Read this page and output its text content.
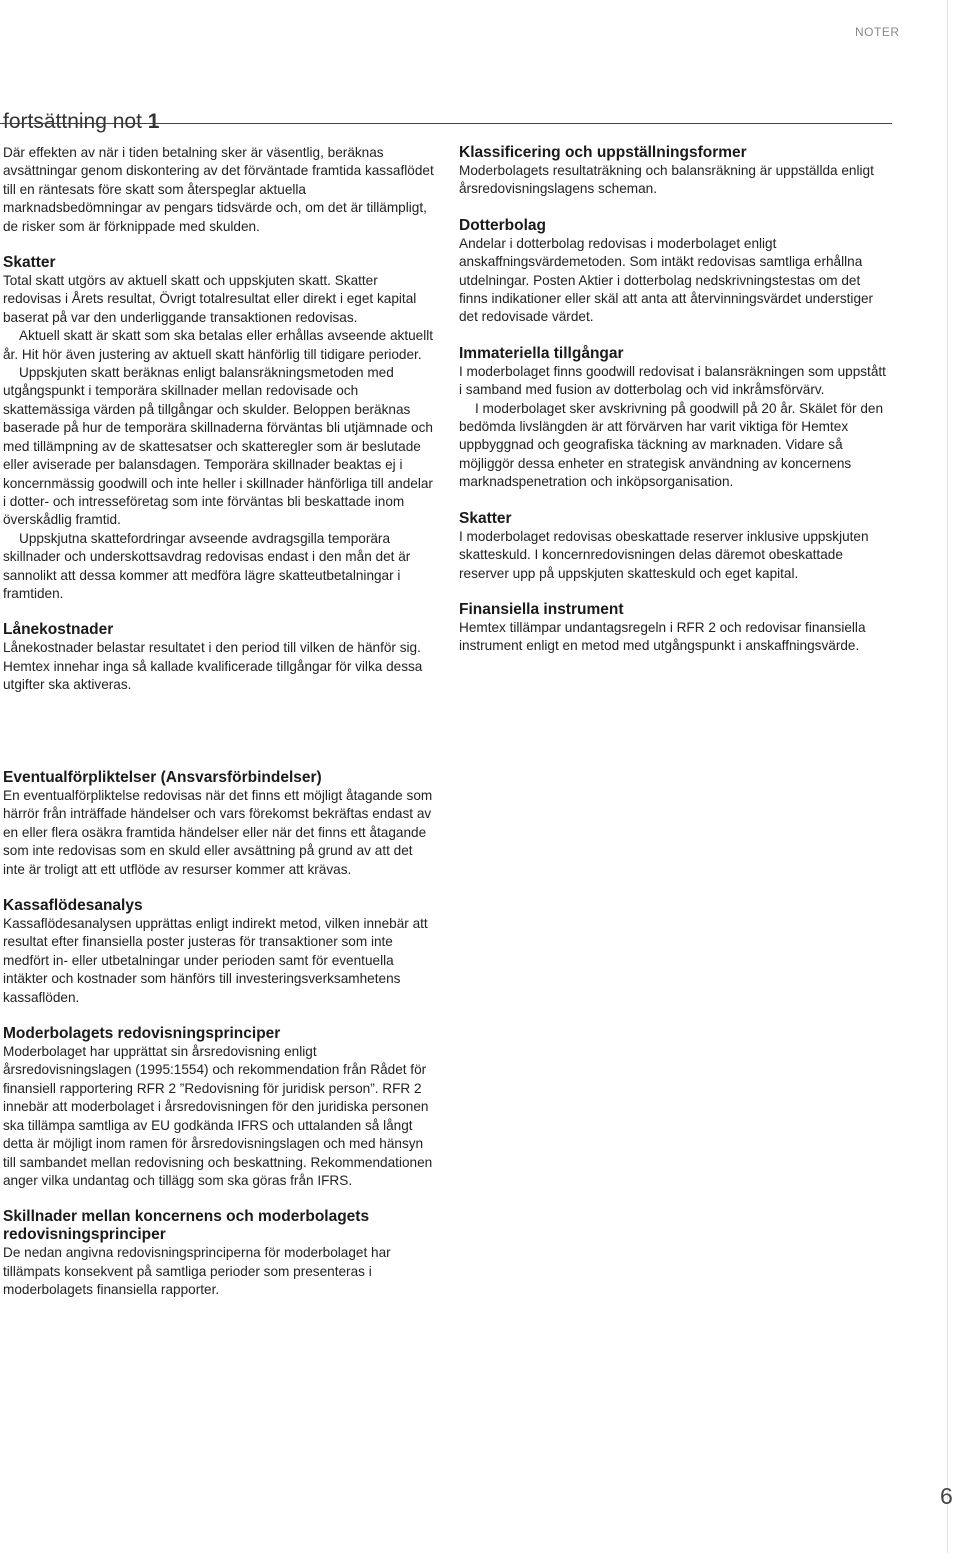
NOTER
fortsättning not 1

Där effekten av när i tiden betalning sker är väsentlig, beräknas avsättningar genom diskontering av det förväntade framtida kassaflödet till en räntesats före skatt som återspeglar aktuella marknadsbedömningar av pengars tidsvärde och, om det är tillämpligt, de risker som är förknippade med skulden.

Skatter

Total skatt utgörs av aktuell skatt och uppskjuten skatt. Skatter redovisas i Årets resultat, Övrigt totalresultat eller direkt i eget kapital baserat på var den underliggande transaktionen redovisas.

Aktuell skatt är skatt som ska betalas eller erhållas avseende aktuellt år. Hit hör även justering av aktuell skatt hänförlig till tidigare perioder.

Uppskjuten skatt beräknas enligt balansräkningsmetoden med utgångspunkt i temporära skillnader mellan redovisade och skattemässiga värden på tillgångar och skulder. Beloppen beräknas baserade på hur de temporära skillnaderna förväntas bli utjämnade och med tillämpning av de skattesatser och skatteregler som är beslutade eller aviserade per balansdagen. Temporära skillnader beaktas ej i koncernmässig goodwill och inte heller i skillnader hänförliga till andelar i dotter- och intresseföretag som inte förväntas bli beskattade inom överskådlig framtid.

Uppskjutna skattefordringar avseende avdragsgilla temporära skillnader och underskottsavdrag redovisas endast i den mån det är sannolikt att dessa kommer att medföra lägre skatteutbetalningar i framtiden.

Lånekostnader

Lånekostnader belastar resultatet i den period till vilken de hänför sig. Hemtex innehar inga så kallade kvalificerade tillgångar för vilka dessa utgifter ska aktiveras.

Eventualförpliktelser (Ansvarsförbindelser)

En eventualförpliktelse redovisas när det finns ett möjligt åtagande som härrör från inträffade händelser och vars förekomst bekräftas endast av en eller flera osäkra framtida händelser eller när det finns ett åtagande som inte redovisas som en skuld eller avsättning på grund av att det inte är troligt att ett utflöde av resurser kommer att krävas.

Kassaflödesanalys

Kassaflödesanalysen upprättas enligt indirekt metod, vilken innebär att resultat efter finansiella poster justeras för transaktioner som inte medfört in- eller utbetalningar under perioden samt för eventuella intäkter och kostnader som hänförs till investeringsverksamhetens kassaflöden.

Moderbolagets redovisningsprinciper

Moderbolaget har upprättat sin årsredovisning enligt årsredovisningslagen (1995:1554) och rekommendation från Rådet för finansiell rapportering RFR 2 ”Redovisning för juridisk person”. RFR 2 innebär att moderbolaget i årsredovisningen för den juridiska personen ska tillämpa samtliga av EU godkända IFRS och uttalanden så långt detta är möjligt inom ramen för årsredovisningslagen och med hänsyn till sambandet mellan redovisning och beskattning. Rekommendationen anger vilka undantag och tillägg som ska göras från IFRS.

Skillnader mellan koncernens och moderbolagets redovisningsprinciper

De nedan angivna redovisningsprinciperna för moderbolaget har tillämpats konsekvent på samtliga perioder som presenteras i moderbolagets finansiella rapporter.

Klassificering och uppställningsformer

Moderbolagets resultaträkning och balansräkning är uppställda enligt årsredovisningslagens scheman.

Dotterbolag

Andelar i dotterbolag redovisas i moderbolaget enligt anskaffningsvärdemetoden. Som intäkt redovisas samtliga erhållna utdelningar. Posten Aktier i dotterbolag nedskrivningstestas om det finns indikationer eller skäl att anta att återvinningsvärdet understiger det redovisade värdet.

Immateriella tillgångar

I moderbolaget finns goodwill redovisat i balansräkningen som uppstått i samband med fusion av dotterbolag och vid inkråmsförvärv.

I moderbolaget sker avskrivning på goodwill på 20 år. Skälet för den bedömda livslängden är att förvärven har varit viktiga för Hemtex uppbyggnad och geografiska täckning av marknaden. Vidare så möjliggör dessa enheter en strategisk användning av koncernens marknadspenetration och inköpsorganisation.

Skatter

I moderbolaget redovisas obeskattade reserver inklusive uppskjuten skatteskuld. I koncernredovisningen delas däremot obeskattade reserver upp på uppskjuten skatteskuld och eget kapital.

Finansiella instrument

Hemtex tillämpar undantagsregeln i RFR 2 och redovisar finansiella instrument enligt en metod med utgångspunkt i anskaffningsvärde.

6
